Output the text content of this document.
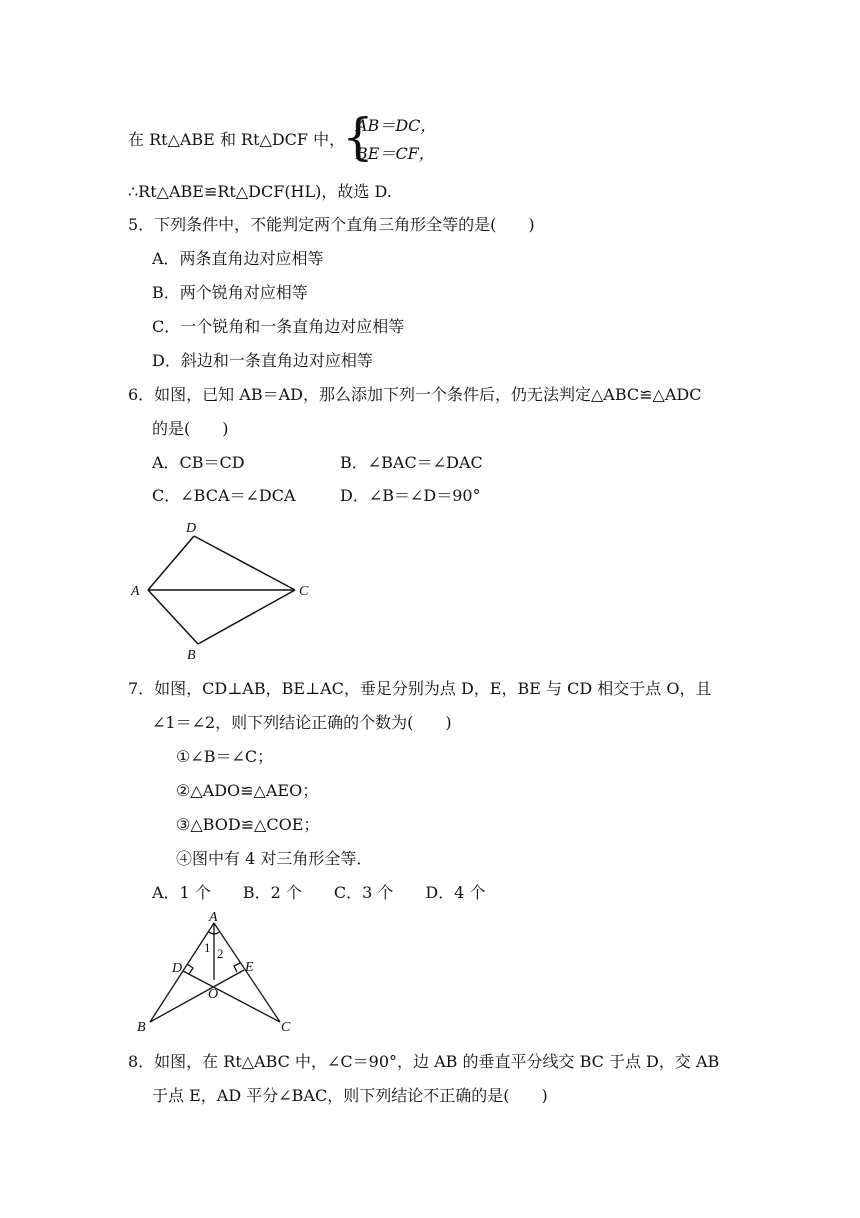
在 Rt△ABE 和 Rt△DCF 中，
{
AB＝DC，
BE＝CF，
∴Rt△ABE≌Rt△DCF(HL)，故选 D.
5．下列条件中，不能判定两个直角三角形全等的是(　　)
A．两条直角边对应相等
B．两个锐角对应相等
C．一个锐角和一条直角边对应相等
D．斜边和一条直角边对应相等
6．如图，已知 AB＝AD，那么添加下列一个条件后，仍无法判定△ABC≌△ADC
的是(　　)
A．CB＝CD	B．∠BAC＝∠DAC
C．∠BCA＝∠DCA	D．∠B＝∠D＝90°
D
A	C
B
7．如图，CD⊥AB，BE⊥AC，垂足分别为点 D，E，BE 与 CD 相交于点 O，且
∠1＝∠2，则下列结论正确的个数为(　　)
①∠B＝∠C；
②△ADO≌△AEO；
③△BOD≌△COE；
④图中有 4 对三角形全等．
A．1 个　　B．2 个　　C．3 个　　D．4 个
A
D	E
O
B	C
1 2
8．如图，在 Rt△ABC 中，∠C＝90°，边 AB 的垂直平分线交 BC 于点 D，交 AB
于点 E，AD 平分∠BAC，则下列结论不正确的是(　　)
